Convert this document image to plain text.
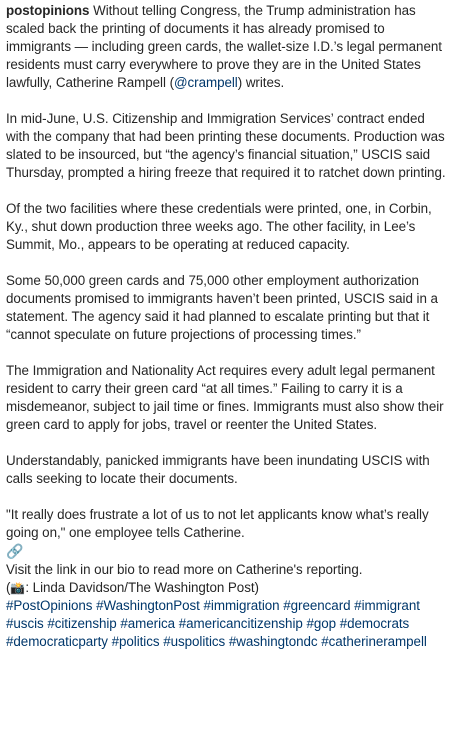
postopinions Without telling Congress, the Trump administration has scaled back the printing of documents it has already promised to immigrants — including green cards, the wallet-size I.D.’s legal permanent residents must carry everywhere to prove they are in the United States lawfully, Catherine Rampell (@crampell) writes.

In mid-June, U.S. Citizenship and Immigration Services’ contract ended with the company that had been printing these documents. Production was slated to be insourced, but “the agency’s financial situation,” USCIS said Thursday, prompted a hiring freeze that required it to ratchet down printing.

Of the two facilities where these credentials were printed, one, in Corbin, Ky., shut down production three weeks ago. The other facility, in Lee’s Summit, Mo., appears to be operating at reduced capacity.

Some 50,000 green cards and 75,000 other employment authorization documents promised to immigrants haven’t been printed, USCIS said in a statement. The agency said it had planned to escalate printing but that it “cannot speculate on future projections of processing times.”

The Immigration and Nationality Act requires every adult legal permanent resident to carry their green card “at all times.” Failing to carry it is a misdemeanor, subject to jail time or fines. Immigrants must also show their green card to apply for jobs, travel or reenter the United States.

Understandably, panicked immigrants have been inundating USCIS with calls seeking to locate their documents.

"It really does frustrate a lot of us to not let applicants know what’s really going on," one employee tells Catherine.

🔗

Visit the link in our bio to read more on Catherine's reporting.

(📸: Linda Davidson/The Washington Post)

#PostOpinions #WashingtonPost #immigration #greencard #immigrant #uscis #citizenship #america #americancitizenship #gop #democrats #democraticparty #politics #uspolitics #washingtondc #catherinerampell
